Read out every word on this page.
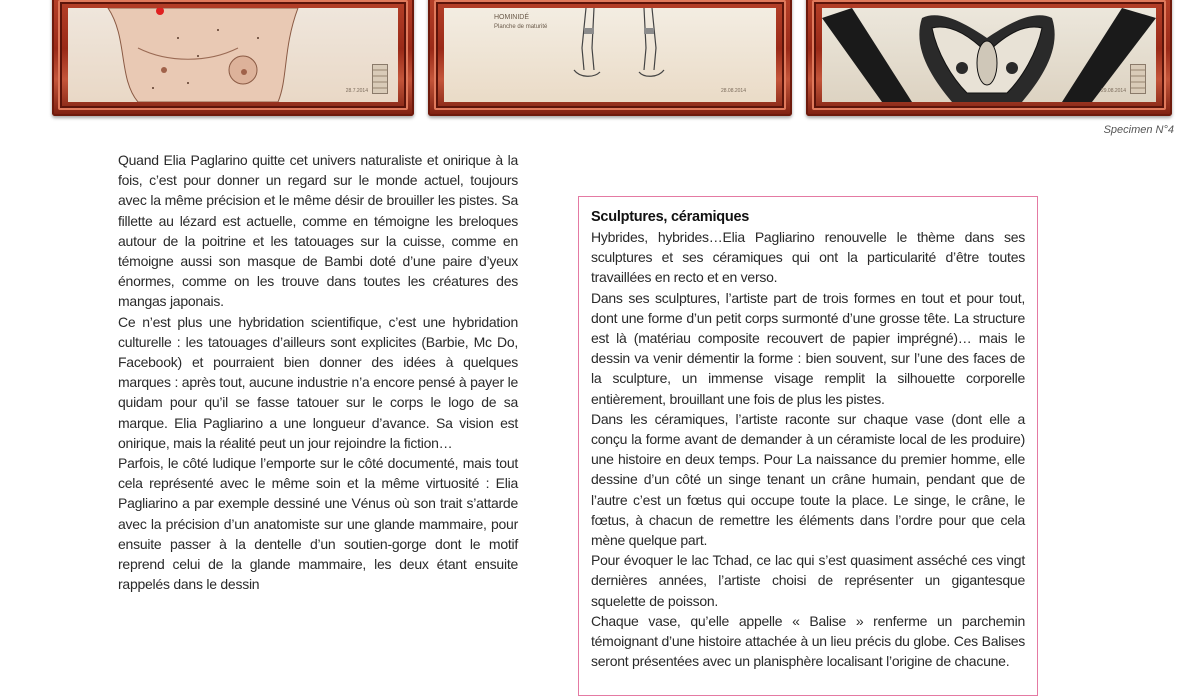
28.7.2014
HOMINIDÉ
Planche de maturité
28.08.2014	29.08.2014
Specimen N°4

Quand Elia Paglarino quitte cet univers naturaliste et onirique à la fois, c’est pour donner un regard sur le monde actuel, toujours avec la même précision et le même désir de brouiller les pistes. Sa fillette au lézard est actuelle, comme en témoigne les breloques autour de la poitrine et les tatouages sur la cuisse, comme en témoigne aussi son masque de Bambi doté d’une paire d’yeux énormes, comme on les trouve dans toutes les créatures des mangas japonais.

Ce n’est plus une hybridation scientifique, c’est une hybridation culturelle : les tatouages d’ailleurs sont explicites (Barbie, Mc Do, Facebook) et pourraient bien donner des idées à quelques marques : après tout, aucune industrie n’a encore pensé à payer le quidam pour qu’il se fasse tatouer sur le corps le logo de sa marque. Elia Pagliarino a une longueur d’avance. Sa vision est onirique, mais la réalité peut un jour rejoindre la fiction…

Parfois, le côté ludique l’emporte sur le côté documenté, mais tout cela représenté avec le même soin et la même virtuosité : Elia Pagliarino a par exemple dessiné une Vénus où son trait s’attarde avec la précision d’un anatomiste sur une glande mammaire, pour ensuite passer à la dentelle d’un soutien-gorge dont le motif reprend celui de la glande mammaire, les deux étant ensuite rappelés dans le dessin

Sculptures, céramiques

Hybrides, hybrides…Elia Pagliarino renouvelle le thème dans ses sculptures et ses céramiques qui ont la particularité d’être toutes travaillées en recto et en verso.

Dans ses sculptures, l’artiste part de trois formes en tout et pour tout, dont une forme d’un petit corps surmonté d’une grosse tête. La structure est là (matériau composite recouvert de papier imprégné)… mais le dessin va venir démentir la forme : bien souvent, sur l’une des faces de la sculpture, un immense visage remplit la silhouette corporelle entièrement, brouillant une fois de plus les pistes.

Dans les céramiques, l’artiste raconte sur chaque vase (dont elle a conçu la forme avant de demander à un céramiste local de les produire) une histoire en deux temps. Pour La naissance du premier homme, elle dessine d’un côté un singe tenant un crâne humain, pendant que de l’autre c’est un fœtus qui occupe toute la place. Le singe, le crâne, le fœtus, à chacun de remettre les éléments dans l’ordre pour que cela mène quelque part.

Pour évoquer le lac Tchad, ce lac qui s’est quasiment asséché ces vingt dernières années, l’artiste choisi de représenter un gigantesque squelette de poisson.

Chaque vase, qu’elle appelle « Balise » renferme un parchemin témoignant d’une histoire attachée à un lieu précis du globe. Ces Balises seront présentées avec un planisphère localisant l’origine de chacune.
